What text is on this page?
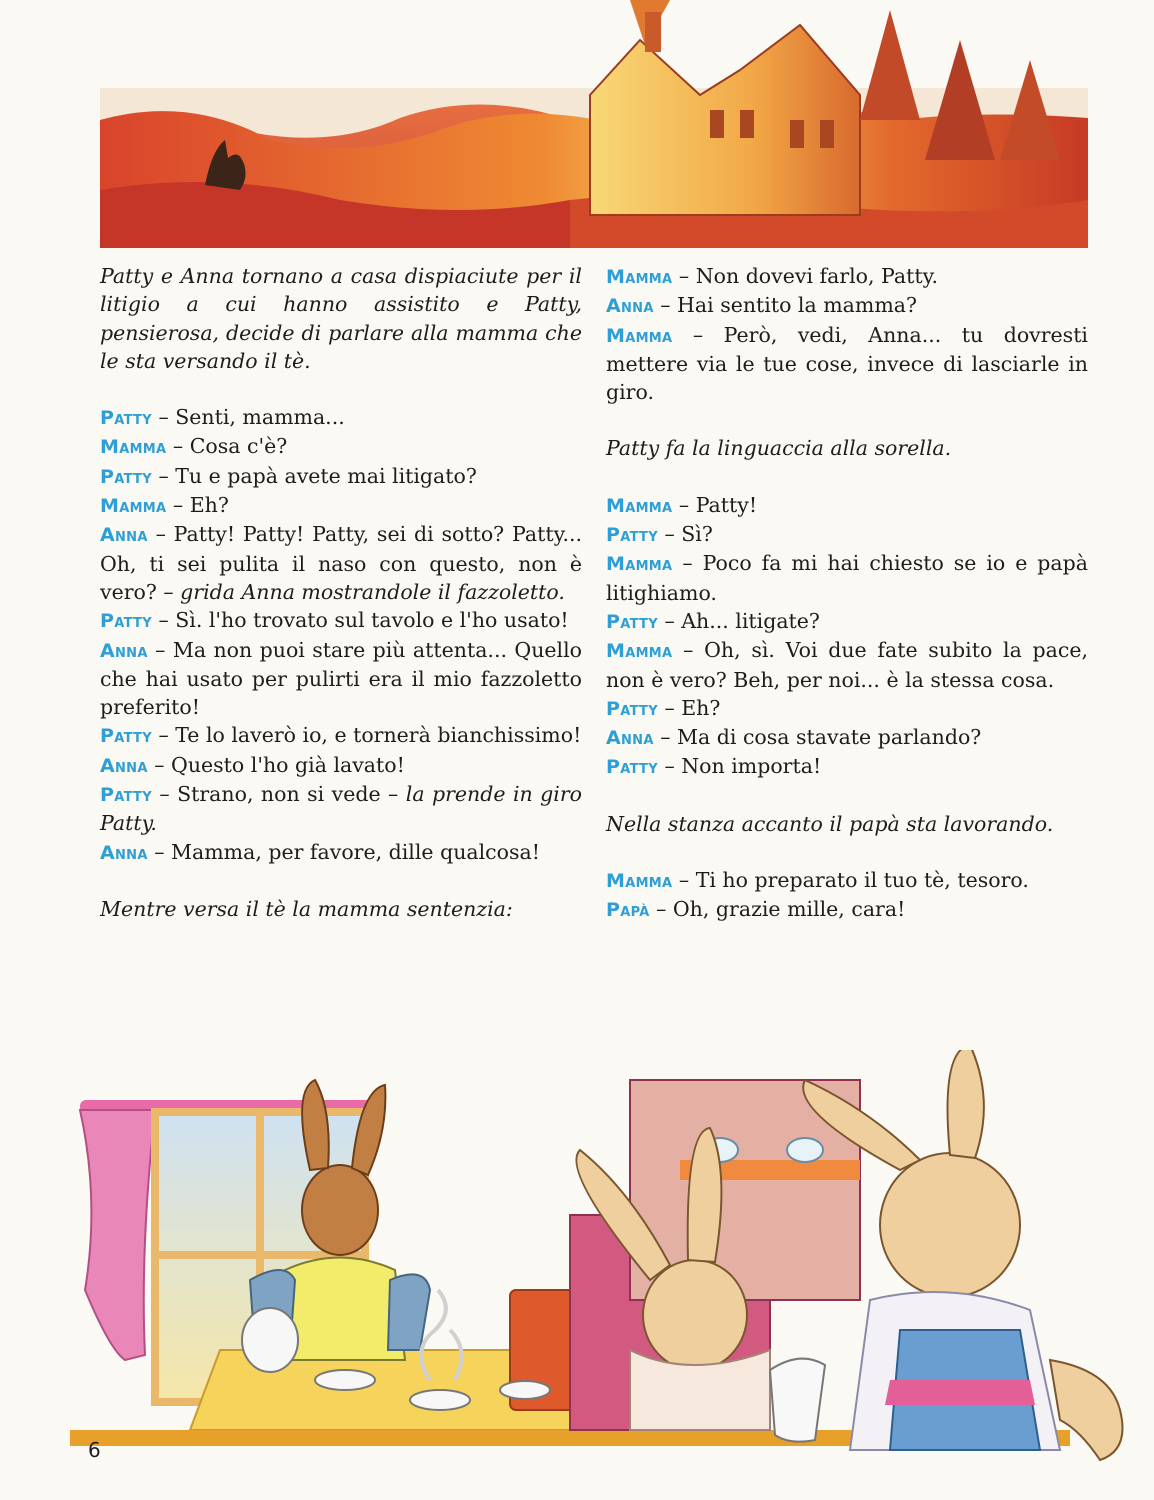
Patty e Anna tornano a casa dispiaciute per il litigio a cui hanno assistito e Patty, pensierosa, decide di parlare alla mamma che le sta versando il tè.

Patty – Senti, mamma...

Mamma – Cosa c'è?

Patty – Tu e papà avete mai litigato?

Mamma – Eh?

Anna – Patty! Patty! Patty, sei di sotto? Patty... Oh, ti sei pulita il naso con questo, non è vero? – grida Anna mostrandole il fazzoletto.

Patty – Sì. l'ho trovato sul tavolo e l'ho usato!

Anna – Ma non puoi stare più attenta... Quello che hai usato per pulirti era il mio fazzoletto preferito!

Patty – Te lo laverò io, e tornerà bianchissimo!

Anna – Questo l'ho già lavato!

Patty – Strano, non si vede – la prende in giro Patty.

Anna – Mamma, per favore, dille qualcosa!

Mentre versa il tè la mamma sentenzia:

Mamma – Non dovevi farlo, Patty.

Anna – Hai sentito la mamma?

Mamma – Però, vedi, Anna... tu dovresti mettere via le tue cose, invece di lasciarle in giro.

Patty fa la linguaccia alla sorella.

Mamma – Patty!

Patty – Sì?

Mamma – Poco fa mi hai chiesto se io e papà litighiamo.

Patty – Ah... litigate?

Mamma – Oh, sì. Voi due fate subito la pace, non è vero? Beh, per noi... è la stessa cosa.

Patty – Eh?

Anna – Ma di cosa stavate parlando?

Patty – Non importa!

Nella stanza accanto il papà sta lavorando.

Mamma – Ti ho preparato il tuo tè, tesoro.

Papà – Oh, grazie mille, cara!

6
